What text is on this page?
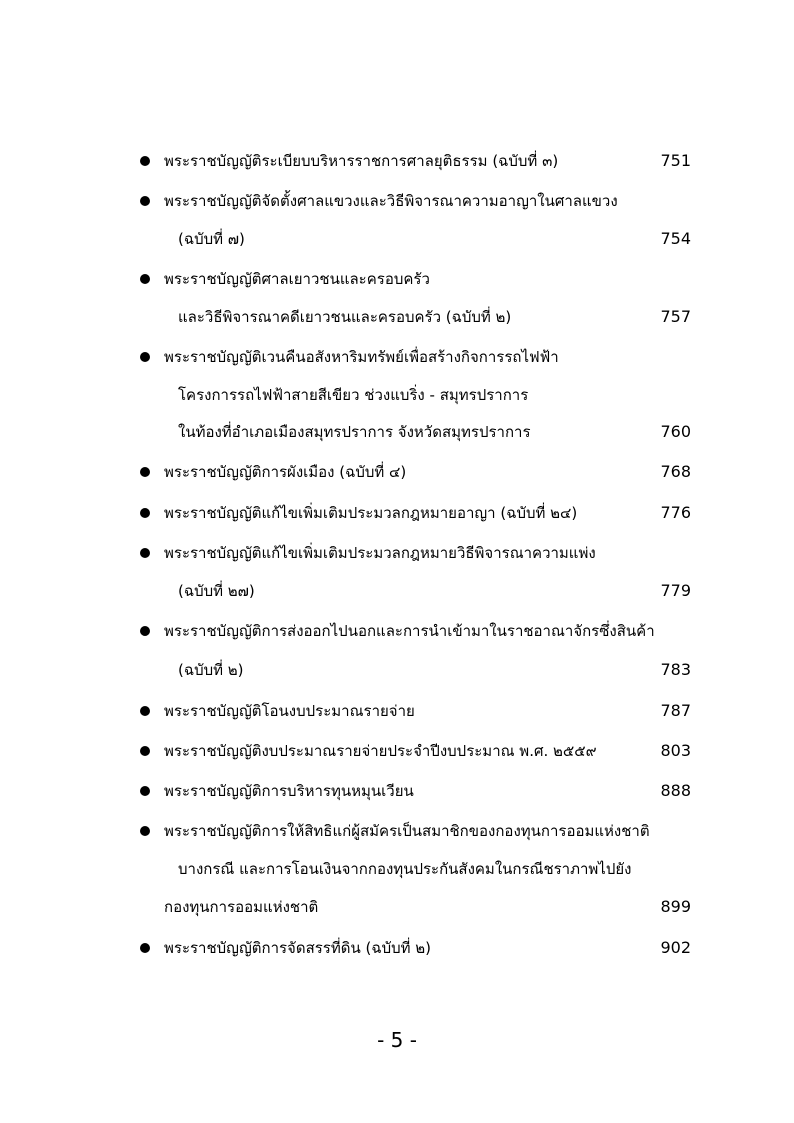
พระราชบัญญัติระเบียบบริหารราชการศาลยุติธรรม (ฉบับที่ ๓)	751
พระราชบัญญัติจัดตั้งศาลแขวงและวิธีพิจารณาความอาญาในศาลแขวง
(ฉบับที่ ๗)	754
พระราชบัญญัติศาลเยาวชนและครอบครัว
และวิธีพิจารณาคดีเยาวชนและครอบครัว (ฉบับที่ ๒)	757
พระราชบัญญัติเวนคืนอสังหาริมทรัพย์เพื่อสร้างกิจการรถไฟฟ้า
โครงการรถไฟฟ้าสายสีเขียว ช่วงแบริ่ง - สมุทรปราการ
ในท้องที่อำเภอเมืองสมุทรปราการ จังหวัดสมุทรปราการ	760
พระราชบัญญัติการผังเมือง (ฉบับที่ ๔)	768
พระราชบัญญัติแก้ไขเพิ่มเติมประมวลกฎหมายอาญา (ฉบับที่ ๒๔)	776
พระราชบัญญัติแก้ไขเพิ่มเติมประมวลกฎหมายวิธีพิจารณาความแพ่ง
(ฉบับที่ ๒๗)	779
พระราชบัญญัติการส่งออกไปนอกและการนำเข้ามาในราชอาณาจักรซึ่งสินค้า
(ฉบับที่ ๒)	783
พระราชบัญญัติโอนงบประมาณรายจ่าย	787
พระราชบัญญัติงบประมาณรายจ่ายประจำปีงบประมาณ พ.ศ. ๒๕๕๙	803
พระราชบัญญัติการบริหารทุนหมุนเวียน	888
พระราชบัญญัติการให้สิทธิแก่ผู้สมัครเป็นสมาชิกของกองทุนการออมแห่งชาติ
บางกรณี และการโอนเงินจากกองทุนประกันสังคมในกรณีชราภาพไปยัง
กองทุนการออมแห่งชาติ	899
พระราชบัญญัติการจัดสรรที่ดิน (ฉบับที่ ๒)	902
- 5 -
